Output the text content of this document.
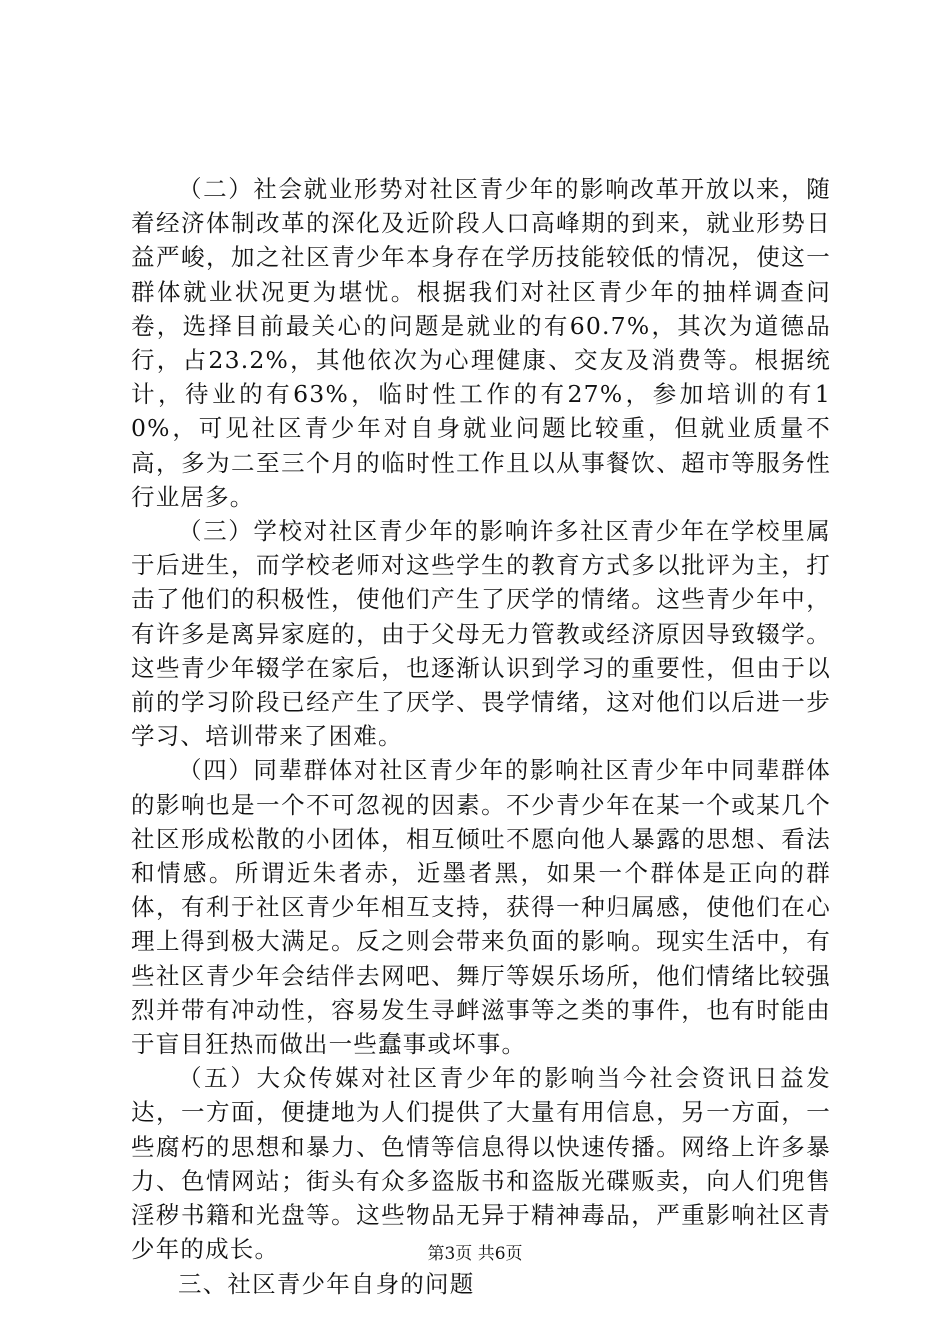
（二）社会就业形势对社区青少年的影响改革开放以来，随着经济体制改革的深化及近阶段人口高峰期的到来，就业形势日益严峻，加之社区青少年本身存在学历技能较低的情况，使这一群体就业状况更为堪忧。根据我们对社区青少年的抽样调查问卷，选择目前最关心的问题是就业的有60.7%，其次为道德品行，占23.2%，其他依次为心理健康、交友及消费等。根据统计，待业的有63%，临时性工作的有27%，参加培训的有10%，可见社区青少年对自身就业问题比较重，但就业质量不高，多为二至三个月的临时性工作且以从事餐饮、超市等服务性行业居多。

（三）学校对社区青少年的影响许多社区青少年在学校里属于后进生，而学校老师对这些学生的教育方式多以批评为主，打击了他们的积极性，使他们产生了厌学的情绪。这些青少年中，有许多是离异家庭的，由于父母无力管教或经济原因导致辍学。这些青少年辍学在家后，也逐渐认识到学习的重要性，但由于以前的学习阶段已经产生了厌学、畏学情绪，这对他们以后进一步学习、培训带来了困难。

（四）同辈群体对社区青少年的影响社区青少年中同辈群体的影响也是一个不可忽视的因素。不少青少年在某一个或某几个社区形成松散的小团体，相互倾吐不愿向他人暴露的思想、看法和情感。所谓近朱者赤，近墨者黑，如果一个群体是正向的群体，有利于社区青少年相互支持，获得一种归属感，使他们在心理上得到极大满足。反之则会带来负面的影响。现实生活中，有些社区青少年会结伴去网吧、舞厅等娱乐场所，他们情绪比较强烈并带有冲动性，容易发生寻衅滋事等之类的事件，也有时能由于盲目狂热而做出一些蠢事或坏事。

（五）大众传媒对社区青少年的影响当今社会资讯日益发达，一方面，便捷地为人们提供了大量有用信息，另一方面，一些腐朽的思想和暴力、色情等信息得以快速传播。网络上许多暴力、色情网站；街头有众多盗版书和盗版光碟贩卖，向人们兜售淫秽书籍和光盘等。这些物品无异于精神毒品，严重影响社区青少年的成长。

三、社区青少年自身的问题

第3页 共6页
